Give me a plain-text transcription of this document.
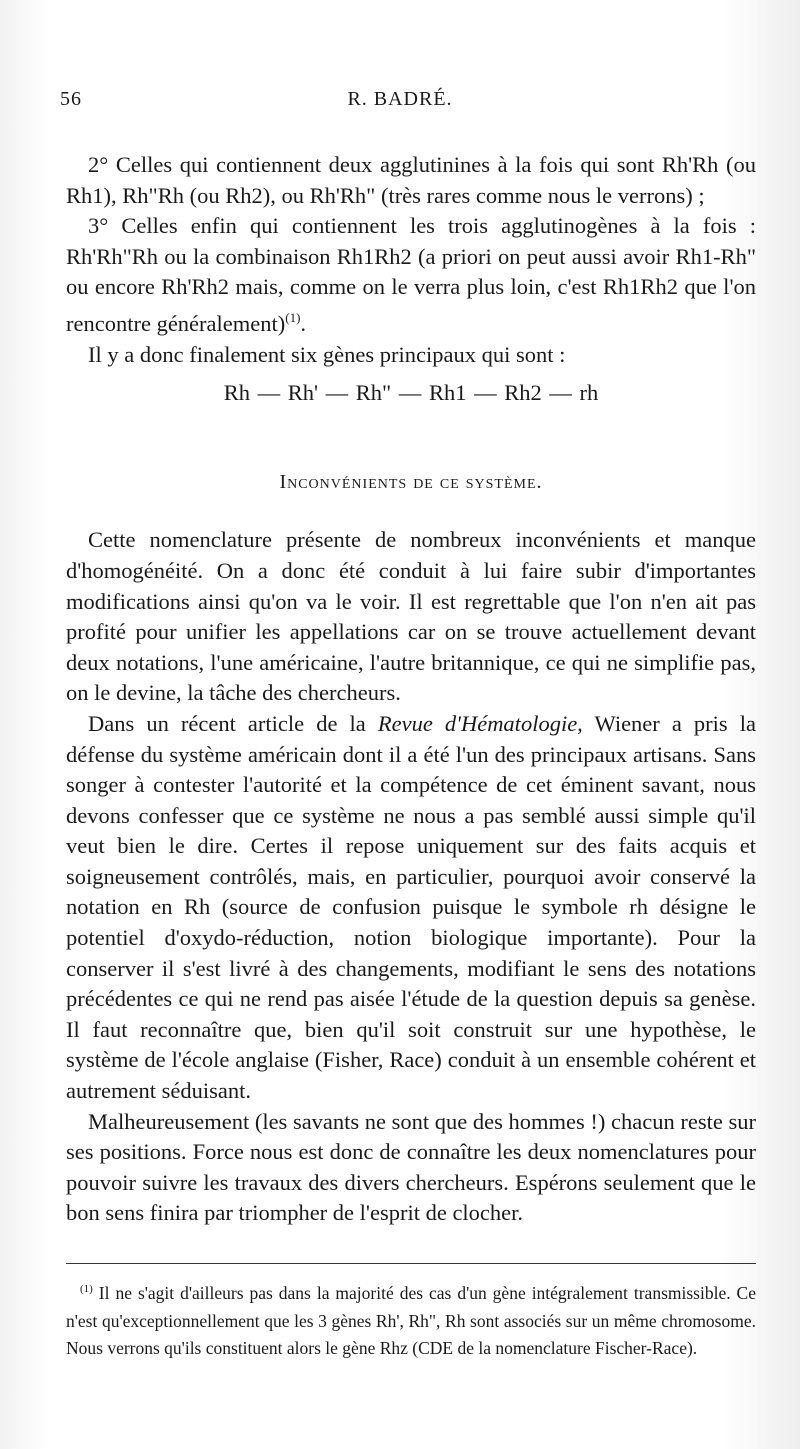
56	R. BADRÉ.

2° Celles qui contiennent deux agglutinines à la fois qui sont Rh'Rh (ou Rh1), Rh"Rh (ou Rh2), ou Rh'Rh" (très rares comme nous le verrons) ;

3° Celles enfin qui contiennent les trois agglutinogènes à la fois : Rh'Rh"Rh ou la combinaison Rh1Rh2 (a priori on peut aussi avoir Rh1-Rh" ou encore Rh'Rh2 mais, comme on le verra plus loin, c'est Rh1Rh2 que l'on rencontre généralement)$^{(1)}$.

Il y a donc finalement six gènes principaux qui sont :

Rh — Rh' — Rh" — Rh1 — Rh2 — rh

Inconvénients de ce système.

Cette nomenclature présente de nombreux inconvénients et manque d'homogénéité. On a donc été conduit à lui faire subir d'importantes modifications ainsi qu'on va le voir. Il est regrettable que l'on n'en ait pas profité pour unifier les appellations car on se trouve actuellement devant deux notations, l'une américaine, l'autre britannique, ce qui ne simplifie pas, on le devine, la tâche des chercheurs.

Dans un récent article de la Revue d'Hématologie, Wiener a pris la défense du système américain dont il a été l'un des principaux artisans. Sans songer à contester l'autorité et la compétence de cet éminent savant, nous devons confesser que ce système ne nous a pas semblé aussi simple qu'il veut bien le dire. Certes il repose uniquement sur des faits acquis et soigneusement contrôlés, mais, en particulier, pourquoi avoir conservé la notation en Rh (source de confusion puisque le symbole rh désigne le potentiel d'oxydo-réduction, notion biologique importante). Pour la conserver il s'est livré à des changements, modifiant le sens des notations précédentes ce qui ne rend pas aisée l'étude de la question depuis sa genèse. Il faut reconnaître que, bien qu'il soit construit sur une hypothèse, le système de l'école anglaise (Fisher, Race) conduit à un ensemble cohérent et autrement séduisant.

Malheureusement (les savants ne sont que des hommes !) chacun reste sur ses positions. Force nous est donc de connaître les deux nomenclatures pour pouvoir suivre les travaux des divers chercheurs. Espérons seulement que le bon sens finira par triompher de l'esprit de clocher.

$^{(1)}$ Il ne s'agit d'ailleurs pas dans la majorité des cas d'un gène intégralement transmissible. Ce n'est qu'exceptionnellement que les 3 gènes Rh', Rh", Rh sont associés sur un même chromosome. Nous verrons qu'ils constituent alors le gène Rhz (CDE de la nomenclature Fischer-Race).
